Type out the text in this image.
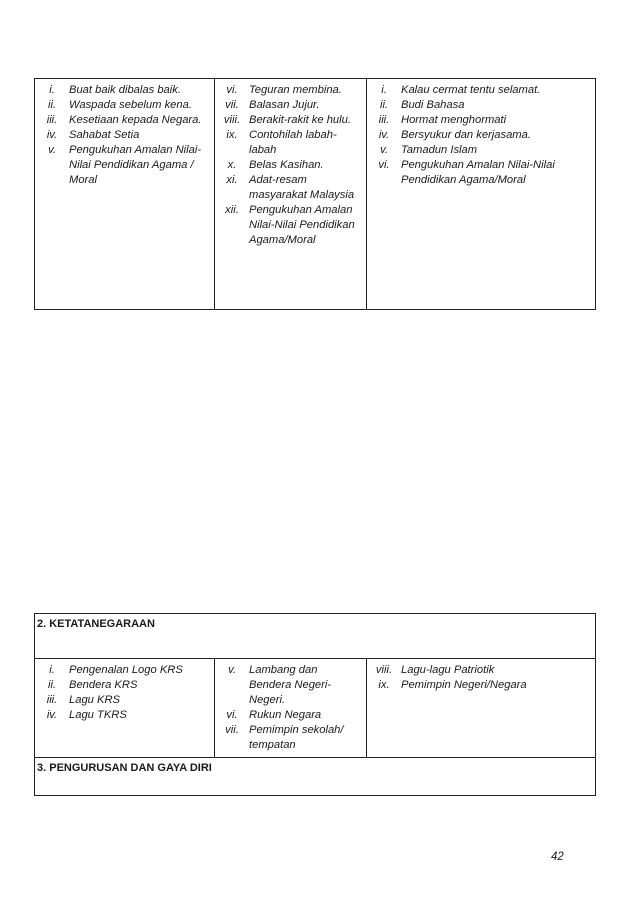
i.	Buat baik dibalas baik.
ii.	Waspada sebelum kena.
iii.	Kesetiaan kepada Negara.
iv.	Sahabat Setia
v.	Pengukuhan Amalan Nilai-Nilai Pendidikan Agama / Moral
vi.	Teguran membina.
vii. Balasan Jujur.
viii. Berakit-rakit ke hulu.
ix.	Contohilah labah-labah
x.	Belas Kasihan.
xi.	Adat-resam masyarakat Malaysia
xii. Pengukuhan Amalan Nilai-Nilai Pendidikan Agama/Moral
i.	Kalau cermat tentu selamat.
ii.	Budi Bahasa
iii.	Hormat menghormati
iv.	Bersyukur dan kerjasama.
v.	Tamadun Islam
vi.	Pengukuhan Amalan Nilai-Nilai Pendidikan Agama/Moral
2. KETATANEGARAAN
i.	Pengenalan Logo KRS
ii.	Bendera KRS
iii.	Lagu KRS
iv.	Lagu TKRS
v.	Lambang dan Bendera Negeri-Negeri.
vi.	Rukun Negara
vii. Pemimpin sekolah/ tempatan
viii. Lagu-lagu Patriotik
ix.	Pemimpin Negeri/Negara
3. PENGURUSAN DAN GAYA DIRI
42
